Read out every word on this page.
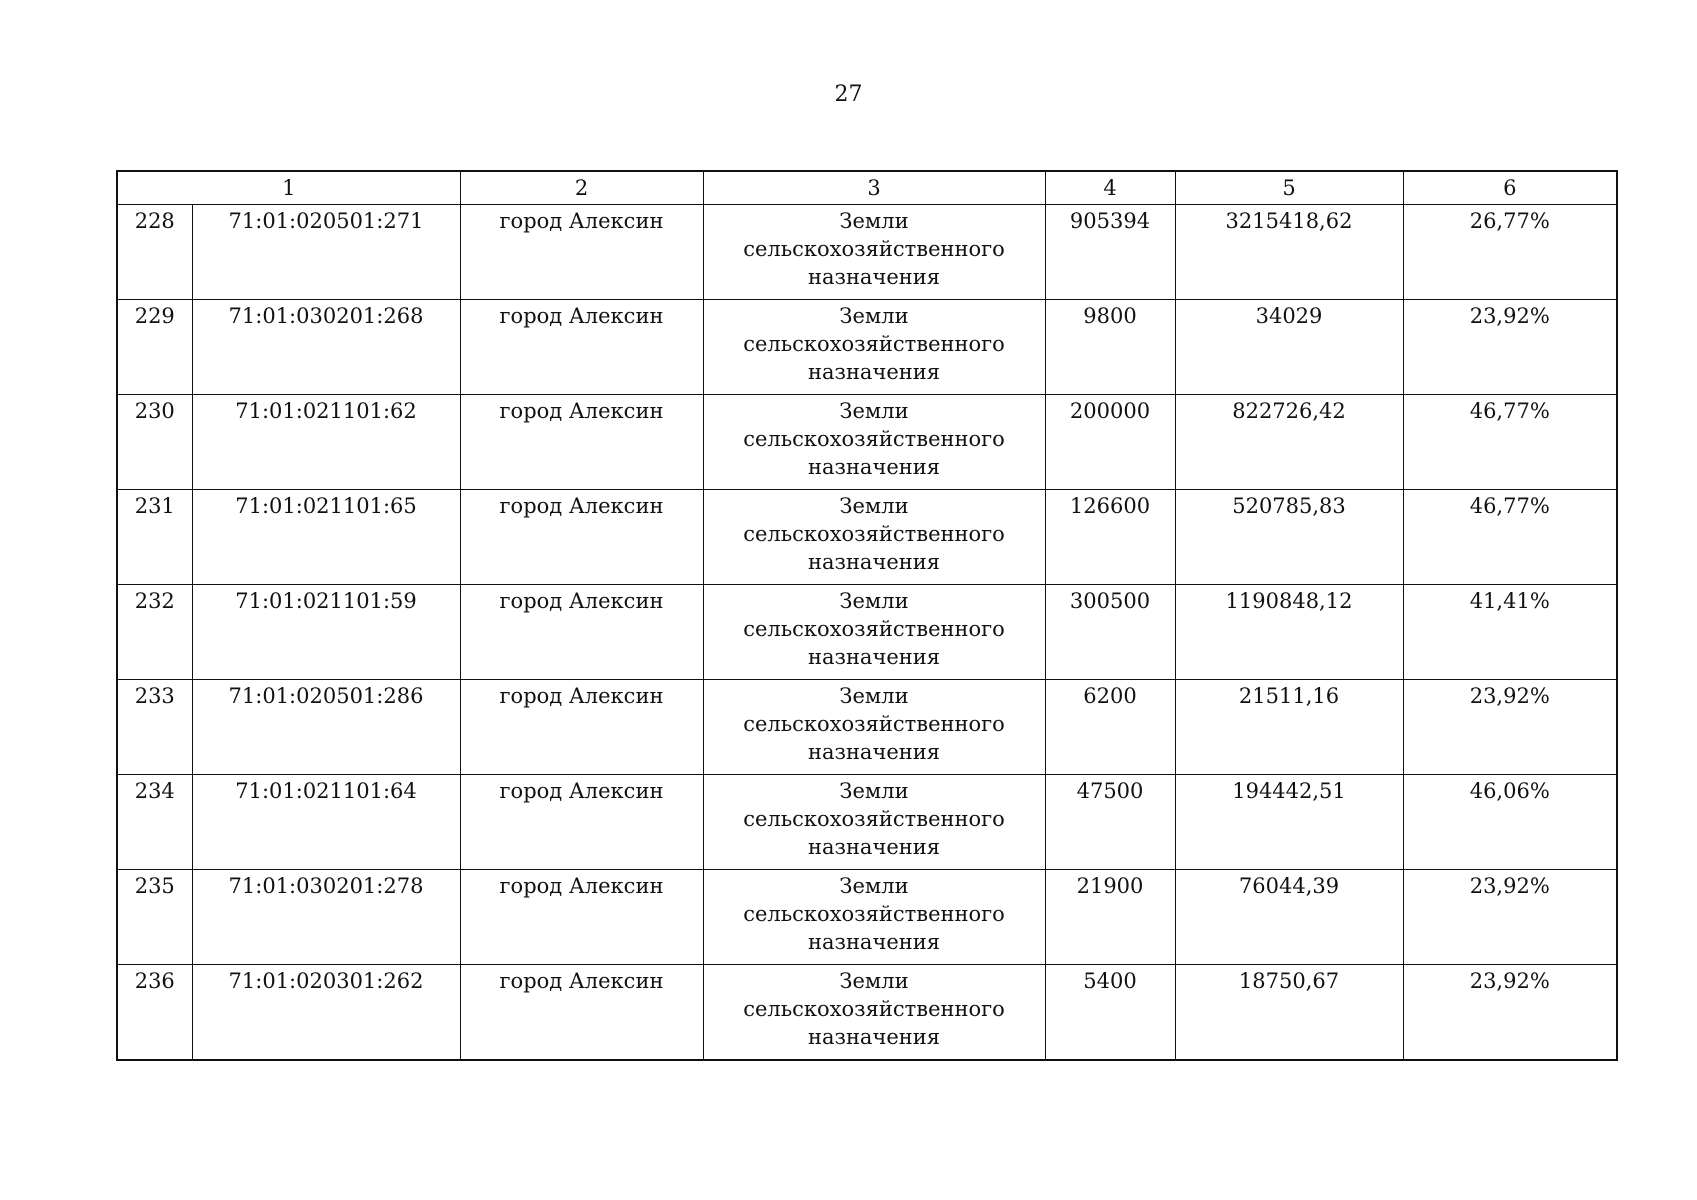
27
1		2	3	4	5	6
228	71:01:020501:271	город Алексин	Земли сельскохозяйственного назначения	905394	3215418,62	26,77%
229	71:01:030201:268	город Алексин	Земли сельскохозяйственного назначения	9800	34029	23,92%
230	71:01:021101:62	город Алексин	Земли сельскохозяйственного назначения	200000	822726,42	46,77%
231	71:01:021101:65	город Алексин	Земли сельскохозяйственного назначения	126600	520785,83	46,77%
232	71:01:021101:59	город Алексин	Земли сельскохозяйственного назначения	300500	1190848,12	41,41%
233	71:01:020501:286	город Алексин	Земли сельскохозяйственного назначения	6200	21511,16	23,92%
234	71:01:021101:64	город Алексин	Земли сельскохозяйственного назначения	47500	194442,51	46,06%
235	71:01:030201:278	город Алексин	Земли сельскохозяйственного назначения	21900	76044,39	23,92%
236	71:01:020301:262	город Алексин	Земли сельскохозяйственного назначения	5400	18750,67	23,92%
